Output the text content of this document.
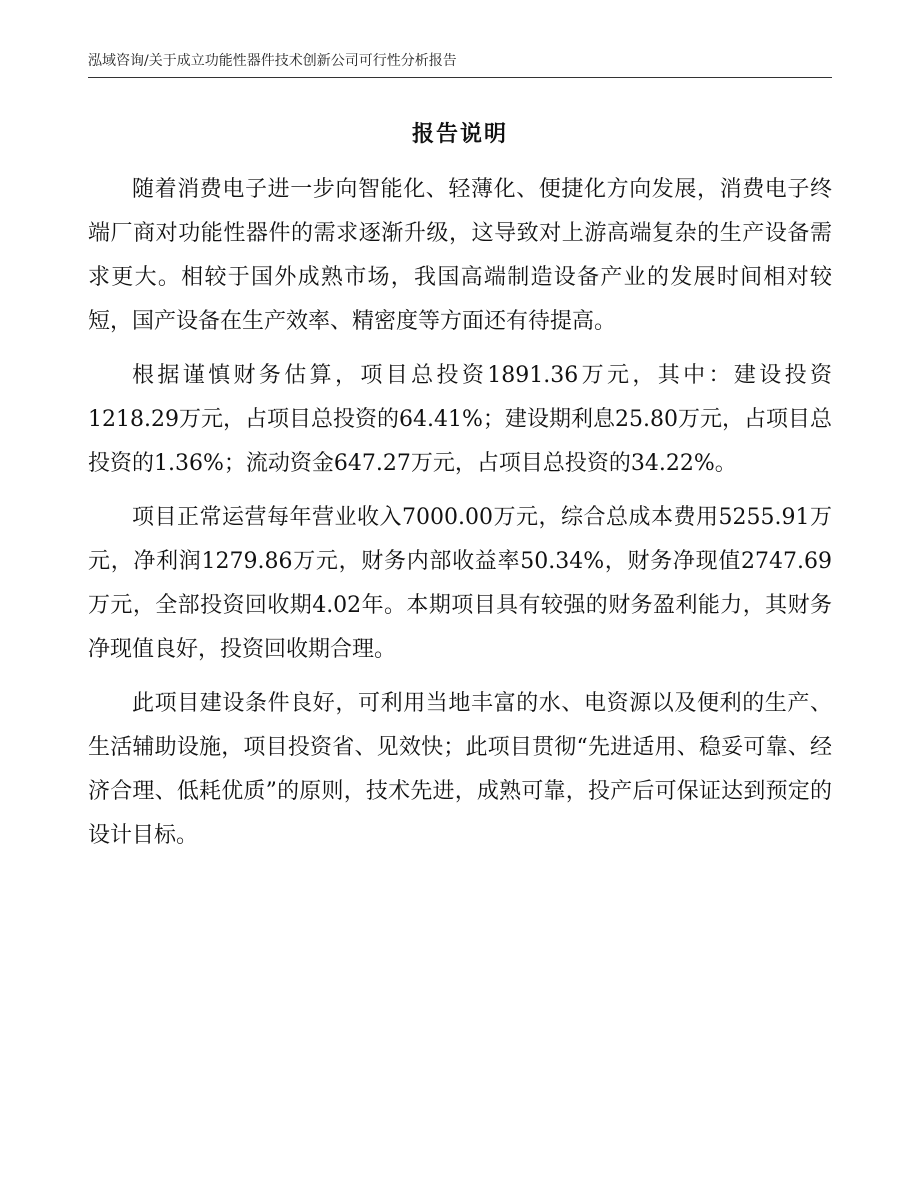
泓域咨询/关于成立功能性器件技术创新公司可行性分析报告
报告说明

随着消费电子进一步向智能化、轻薄化、便捷化方向发展，消费电子终端厂商对功能性器件的需求逐渐升级，这导致对上游高端复杂的生产设备需求更大。相较于国外成熟市场，我国高端制造设备产业的发展时间相对较短，国产设备在生产效率、精密度等方面还有待提高。

根据谨慎财务估算，项目总投资1891.36万元，其中：建设投资1218.29万元，占项目总投资的64.41%；建设期利息25.80万元，占项目总投资的1.36%；流动资金647.27万元，占项目总投资的34.22%。

项目正常运营每年营业收入7000.00万元，综合总成本费用5255.91万元，净利润1279.86万元，财务内部收益率50.34%，财务净现值2747.69万元，全部投资回收期4.02年。本期项目具有较强的财务盈利能力，其财务净现值良好，投资回收期合理。

此项目建设条件良好，可利用当地丰富的水、电资源以及便利的生产、生活辅助设施，项目投资省、见效快；此项目贯彻“先进适用、稳妥可靠、经济合理、低耗优质”的原则，技术先进，成熟可靠，投产后可保证达到预定的设计目标。
